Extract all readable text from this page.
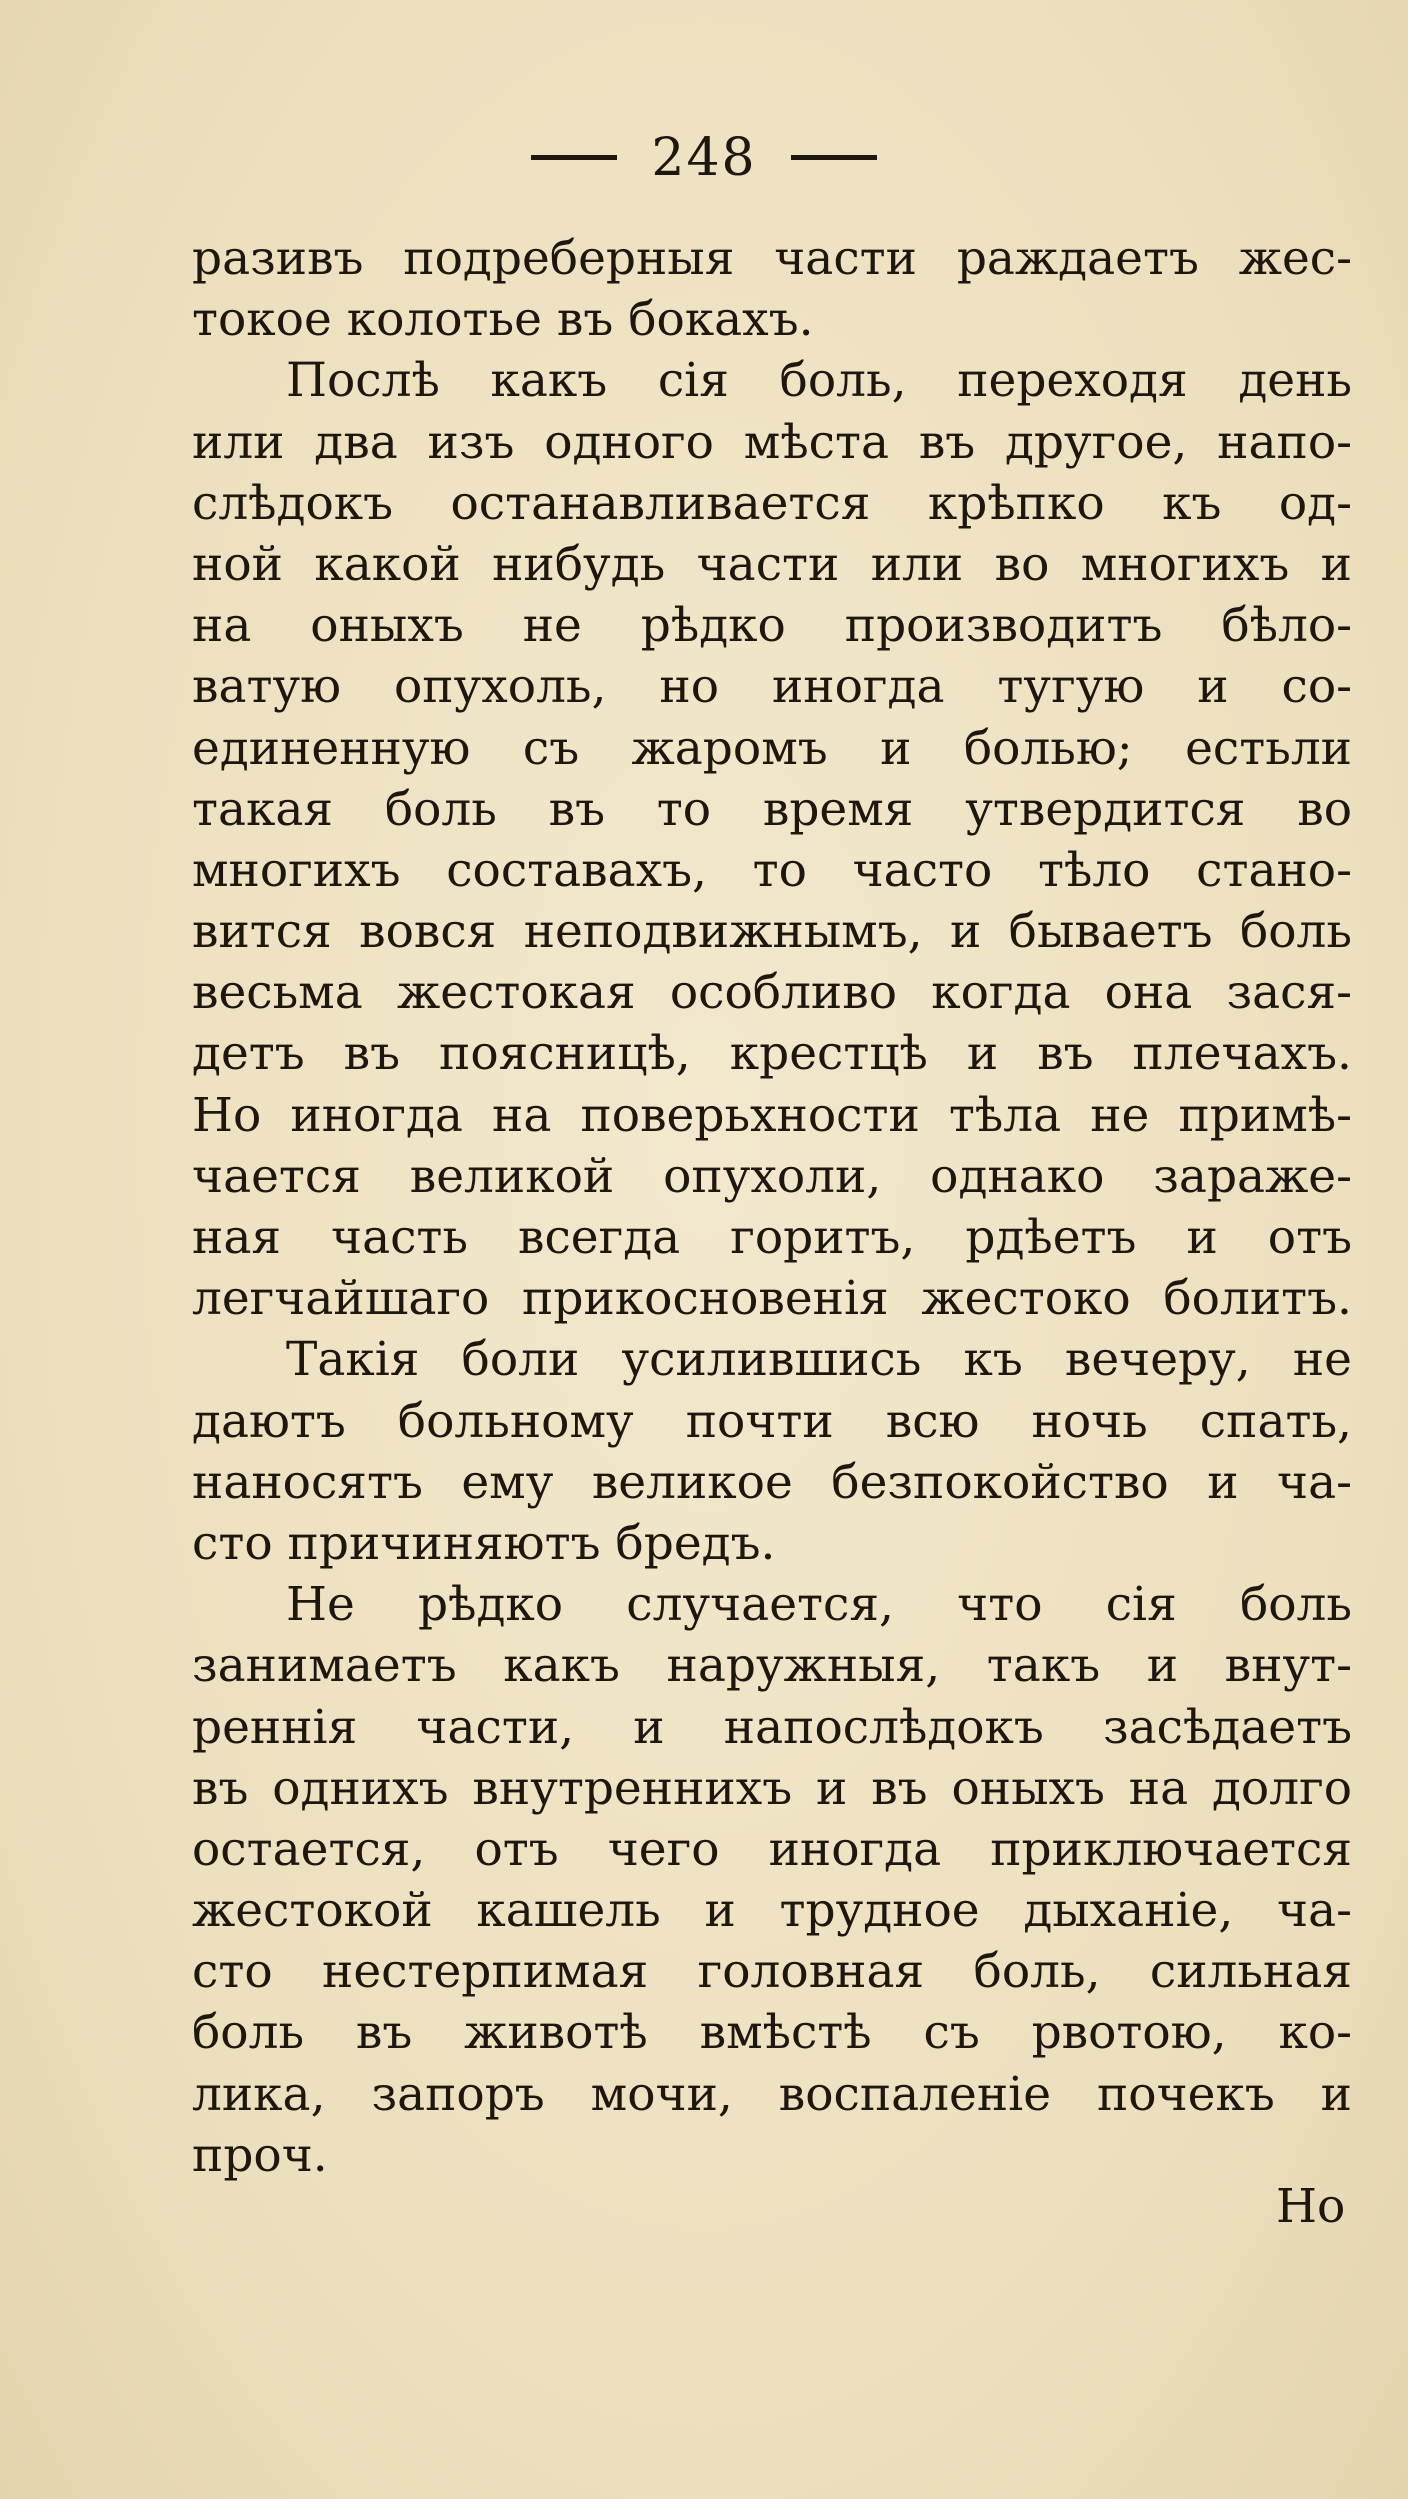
248
разивъ подреберныя части раждаетъ жес-
токое колотье въ бокахъ.
Послѣ какъ сія боль, переходя день
или два изъ одного мѣста въ другое, напо-
слѣдокъ останавливается крѣпко къ од-
ной какой нибудь части или во многихъ и
на оныхъ не рѣдко производитъ бѣло-
ватую опухоль, но иногда тугую и со-
единенную съ жаромъ и болью; естьли
такая боль въ то время утвердится во
многихъ составахъ, то часто тѣло стано-
вится вовся неподвижнымъ, и бываетъ боль
весьма жестокая особливо когда она зася-
детъ въ поясницѣ, крестцѣ и въ плечахъ.
Но иногда на поверьхности тѣла не примѣ-
чается великой опухоли, однако зараже-
ная часть всегда горитъ, рдѣетъ и отъ
легчайшаго прикосновенія жестоко болитъ.
Такія боли усилившись къ вечеру, не
даютъ больному почти всю ночь спать,
наносятъ ему великое безпокойство и ча-
сто причиняютъ бредъ.
Не рѣдко случается, что сія боль
занимаетъ какъ наружныя, такъ и внут-
реннія части, и напослѣдокъ засѣдаетъ
въ однихъ внутреннихъ и въ оныхъ на долго
остается, отъ чего иногда приключается
жестокой кашель и трудное дыханіе, ча-
сто нестерпимая головная боль, сильная
боль въ животѣ вмѣстѣ съ рвотою, ко-
лика, запоръ мочи, воспаленіе почекъ и
проч.
Но
